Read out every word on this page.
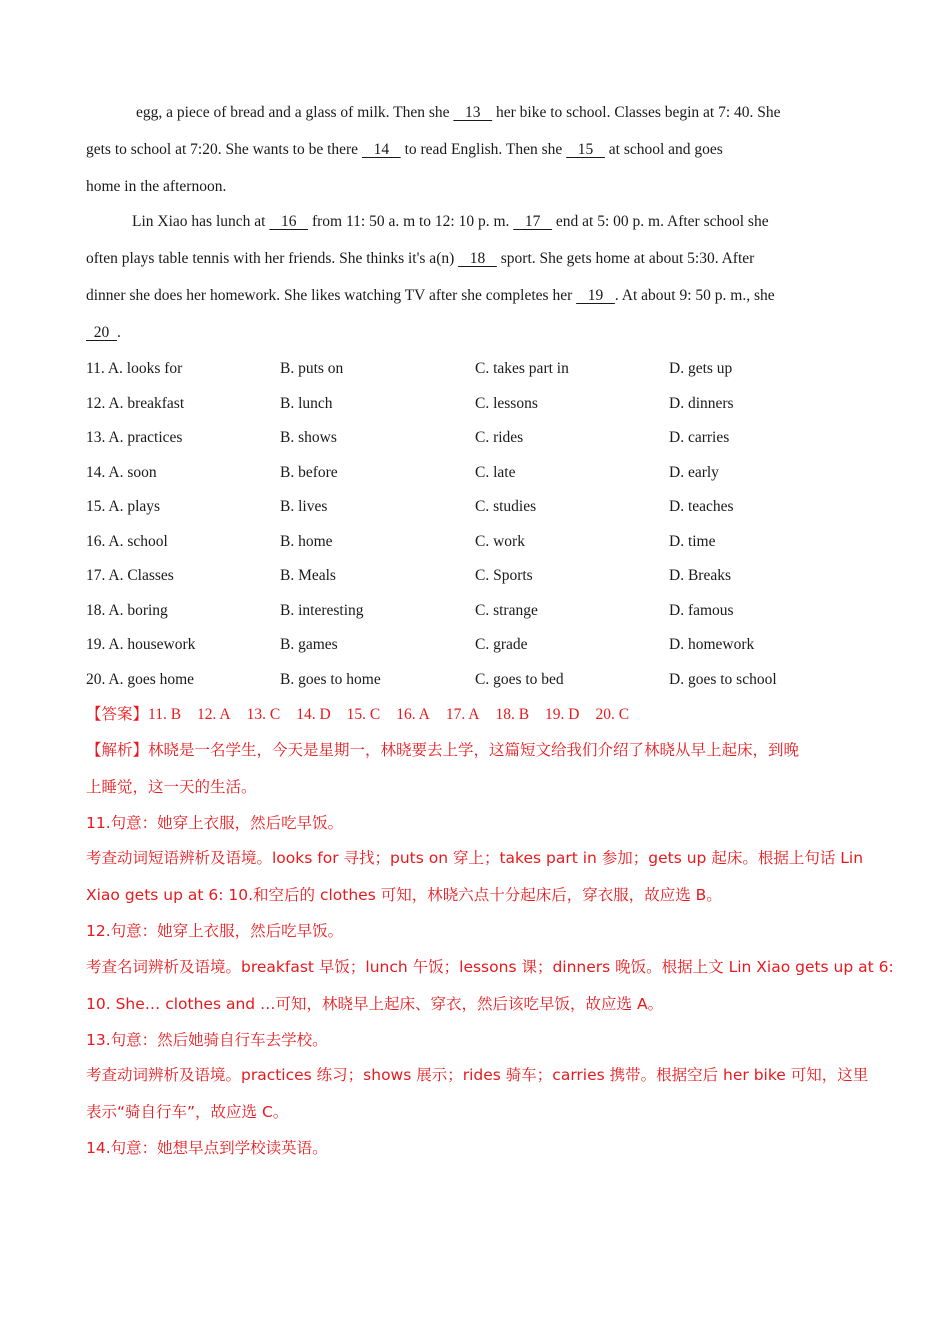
egg, a piece of bread and a glass of milk. Then she    13    her bike to school. Classes begin at 7: 40. She
gets to school at 7:20. She wants to be there    14    to read English. Then she    15    at school and goes
home in the afternoon.
Lin Xiao has lunch at    16    from 11: 50 a. m to 12: 10 p. m.    17    end at 5: 00 p. m. After school she
often plays table tennis with her friends. She thinks it's a(n)    18    sport. She gets home at about 5:30. After
dinner she does her homework. She likes watching TV after she completes her    19   . At about 9: 50 p. m., she
20  .
11. A. looks for	B. puts on	C. takes part in	D. gets up
12. A. breakfast	B. lunch	C. lessons	D. dinners
13. A. practices	B. shows	C. rides	D. carries
14. A. soon	B. before	C. late	D. early
15. A. plays	B. lives	C. studies	D. teaches
16. A. school	B. home	C. work	D. time
17. A. Classes	B. Meals	C. Sports	D. Breaks
18. A. boring	B. interesting	C. strange	D. famous
19. A. housework	B. games	C. grade	D. homework
20. A. goes home	B. goes to home	C. goes to bed	D. goes to school
【答案】11. B 12. A 13. C 14. D 15. C 16. A 17. A 18. B 19. D 20. C
【解析】林晓是一名学生，今天是星期一，林晓要去上学，这篇短文给我们介绍了林晓从早上起床，到晚
上睡觉，这一天的生活。
11.句意：她穿上衣服，然后吃早饭。
考查动词短语辨析及语境。looks for 寻找；puts on 穿上；takes part in 参加；gets up 起床。根据上句话 Lin
Xiao gets up at 6: 10.和空后的 clothes 可知，林晓六点十分起床后，穿衣服，故应选 B。
12.句意：她穿上衣服，然后吃早饭。
考查名词辨析及语境。breakfast 早饭；lunch 午饭；lessons 课；dinners 晚饭。根据上文 Lin Xiao gets up at 6:
10. She… clothes and …可知，林晓早上起床、穿衣，然后该吃早饭，故应选 A。
13.句意：然后她骑自行车去学校。
考查动词辨析及语境。practices 练习；shows 展示；rides 骑车；carries 携带。根据空后 her bike 可知，这里
表示“骑自行车”，故应选 C。
14.句意：她想早点到学校读英语。
